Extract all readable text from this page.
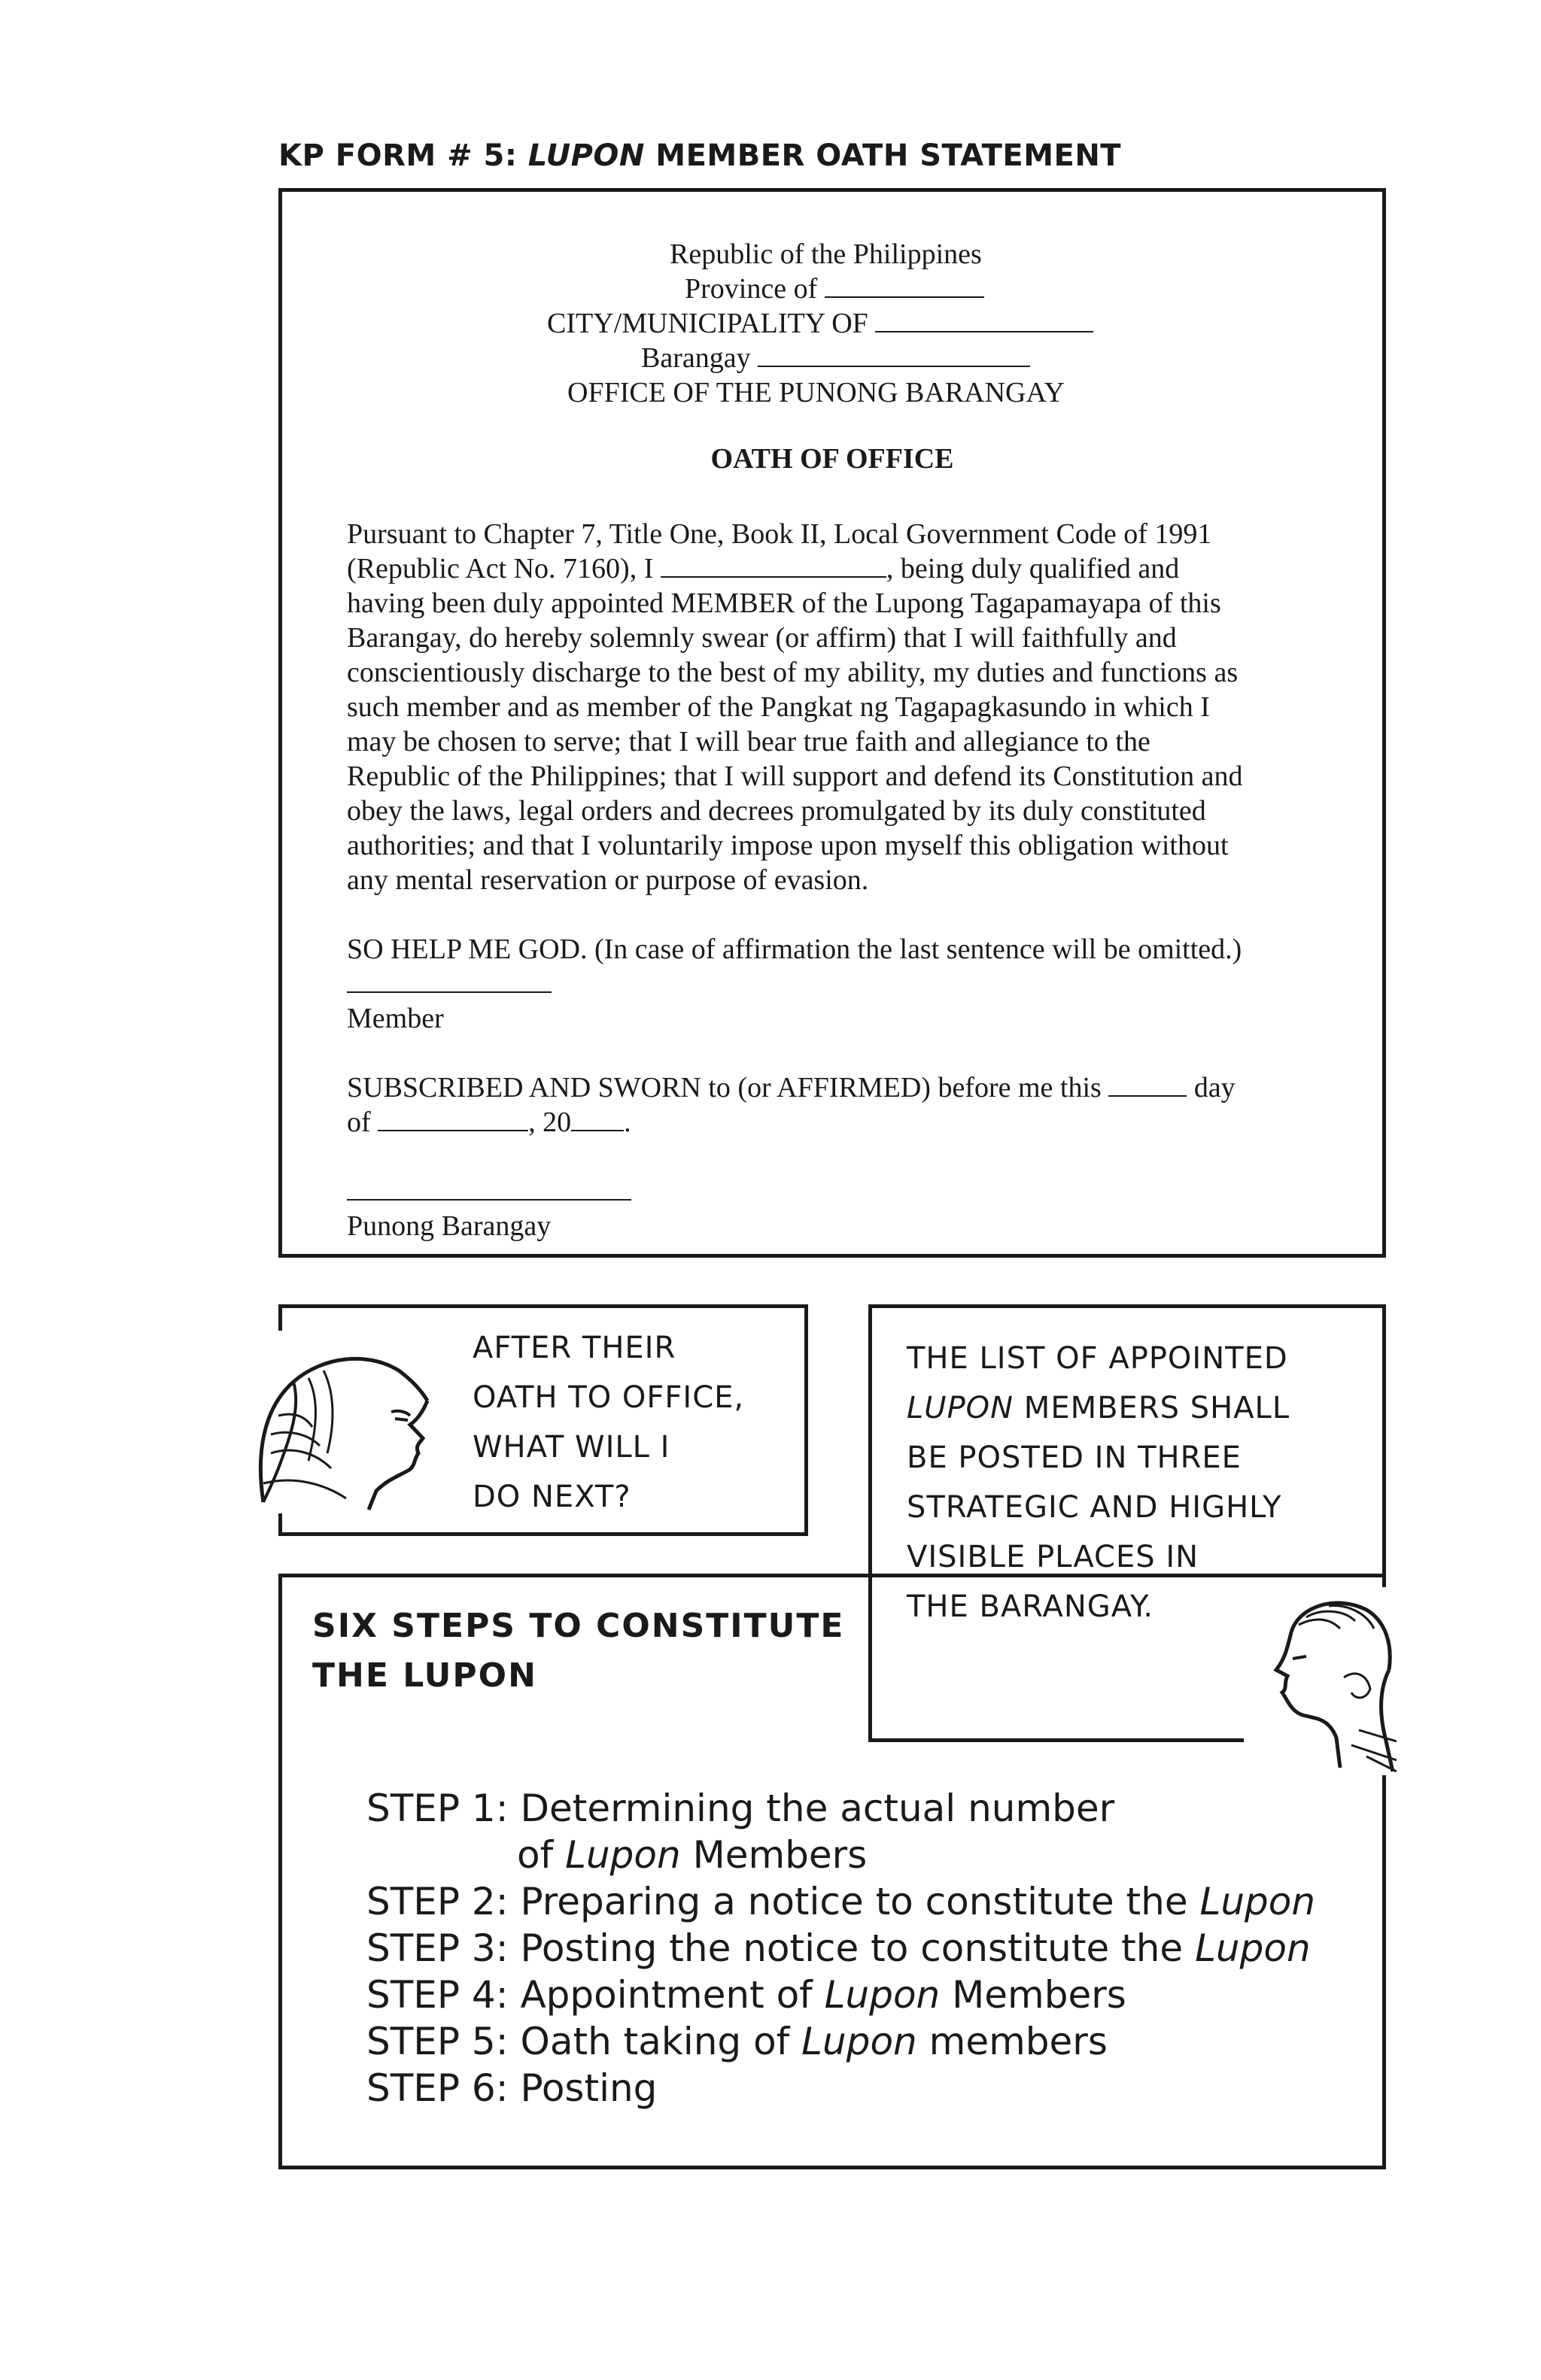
KP FORM # 5: LUPON MEMBER OATH STATEMENT
Republic of the Philippines
Province of
CITY/MUNICIPALITY OF
Barangay
OFFICE OF THE PUNONG BARANGAY
OATH OF OFFICE

Pursuant to Chapter 7, Title One, Book II, Local Government Code of 1991

(Republic Act No. 7160), I	, being duly qualified and

having been duly appointed MEMBER of the Lupong Tagapamayapa of this

Barangay, do hereby solemnly swear (or affirm) that I will faithfully and

conscientiously discharge to the best of my ability, my duties and functions as

such member and as member of the Pangkat ng Tagapagkasundo in which I

may be chosen to serve; that I will bear true faith and allegiance to the

Republic of the Philippines; that I will support and defend its Constitution and

obey the laws, legal orders and decrees promulgated by its duly constituted

authorities; and that I voluntarily impose upon myself this obligation without

any mental reservation or purpose of evasion.

SO HELP ME GOD. (In case of affirmation the last sentence will be omitted.)

Member

SUBSCRIBED AND SWORN to (or AFFIRMED) before me this	day

of	, 20 .

Punong Barangay

AFTER THEIR
OATH TO OFFICE,
WHAT WILL I
DO NEXT?
THE LIST OF APPOINTED
LUPON MEMBERS SHALL
BE POSTED IN THREE
STRATEGIC AND HIGHLY
VISIBLE PLACES IN
THE BARANGAY.
SIX STEPS TO CONSTITUTE
THE LUPON
STEP 1: Determining the actual number
of Lupon Members
STEP 2: Preparing a notice to constitute the Lupon
STEP 3: Posting the notice to constitute the Lupon
STEP 4: Appointment of Lupon Members
STEP 5: Oath taking of Lupon members
STEP 6: Posting
